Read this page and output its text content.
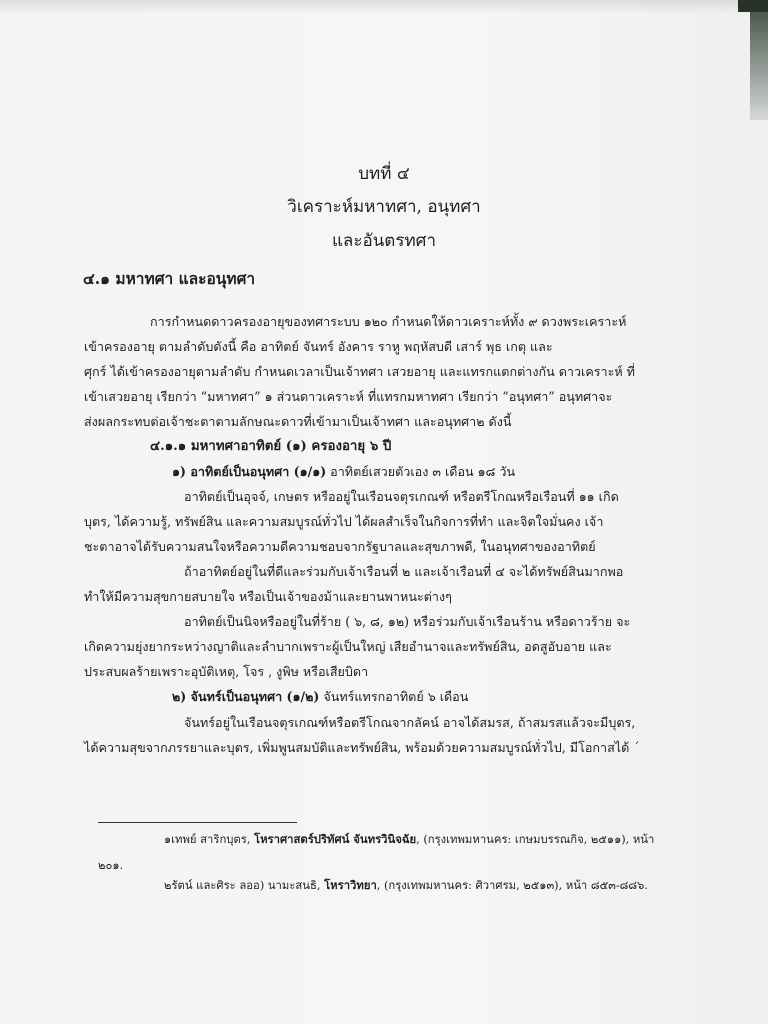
บทที่ ๔
วิเคราะห์มหาทศา, อนุทศา
และอันตรทศา
๔.๑ มหาทศา และอนุทศา
การกำหนดดาวครองอายุของทศาระบบ ๑๒๐ กำหนดให้ดาวเคราะห์ทั้ง ๙ ดวงพระเคราะห์
เข้าครองอายุ ตามลำดับดังนี้ คือ อาทิตย์ จันทร์ อังคาร ราหู พฤหัสบดี เสาร์ พุธ เกตุ และ
ศุกร์ ได้เข้าครองอายุตามลำดับ กำหนดเวลาเป็นเจ้าทศา เสวยอายุ และแทรกแตกต่างกัน ดาวเคราะห์ ที่
เข้าเสวยอายุ เรียกว่า “มหาทศา” ๑ ส่วนดาวเคราะห์ ที่แทรกมหาทศา เรียกว่า “อนุทศา” อนุทศาจะ
ส่งผลกระทบต่อเจ้าชะตาตามลักษณะดาวที่เข้ามาเป็นเจ้าทศา และอนุทศา๒ ดังนี้
๔.๑.๑ มหาทศาอาทิตย์ (๑) ครองอายุ ๖ ปี
๑) อาทิตย์เป็นอนุทศา (๑/๑) อาทิตย์เสวยตัวเอง ๓ เดือน ๑๘ วัน
อาทิตย์เป็นอุจจ์, เกษตร หรืออยู่ในเรือนจตุรเกณฑ์ หรือตรีโกณหรือเรือนที่ ๑๑ เกิด
บุตร, ได้ความรู้, ทรัพย์สิน และความสมบูรณ์ทั่วไป ได้ผลสำเร็จในกิจการที่ทำ และจิตใจมั่นคง เจ้า
ชะตาอาจได้รับความสนใจหรือความดีความชอบจากรัฐบาลและสุขภาพดี, ในอนุทศาของอาทิตย์
ถ้าอาทิตย์อยู่ในที่ดีและร่วมกับเจ้าเรือนที่ ๒ และเจ้าเรือนที่ ๔ จะได้ทรัพย์สินมากพอ
ทำให้มีความสุขกายสบายใจ หรือเป็นเจ้าของม้าและยานพาหนะต่างๆ
อาทิตย์เป็นนิจหรืออยู่ในที่ร้าย ( ๖, ๘, ๑๒) หรือร่วมกับเจ้าเรือนร้าน หรือดาวร้าย จะ
เกิดความยุ่งยากระหว่างญาติและลำบากเพราะผู้เป็นใหญ่ เสียอำนาจและทรัพย์สิน, อดสูอับอาย และ
ประสบผลร้ายเพราะอุบัติเหตุ, โจร , งูพิษ หรือเสียบิดา
๒) จันทร์เป็นอนุทศา (๑/๒) จันทร์แทรกอาทิตย์ ๖ เดือน
จันทร์อยู่ในเรือนจตุรเกณฑ์หรือตรีโกณจากลัคน์ อาจได้สมรส, ถ้าสมรสแล้วจะมีบุตร,
ได้ความสุขจากภรรยาและบุตร, เพิ่มพูนสมบัติและทรัพย์สิน, พร้อมด้วยความสมบูรณ์ทั่วไป, มีโอกาสได้ ´
๑เทพย์ สาริกบุตร, โหราศาสตร์ปริทัศน์ จันทรวินิจฉัย, (กรุงเทพมหานคร: เกษมบรรณกิจ, ๒๕๑๑), หน้า
๒๐๑.
๒รัตน์ และศิระ ลออ) นามะสนธิ, โหราวิทยา, (กรุงเทพมหานคร: ศิวาศรม, ๒๕๑๓), หน้า ๘๕๓-๘๘๖.
